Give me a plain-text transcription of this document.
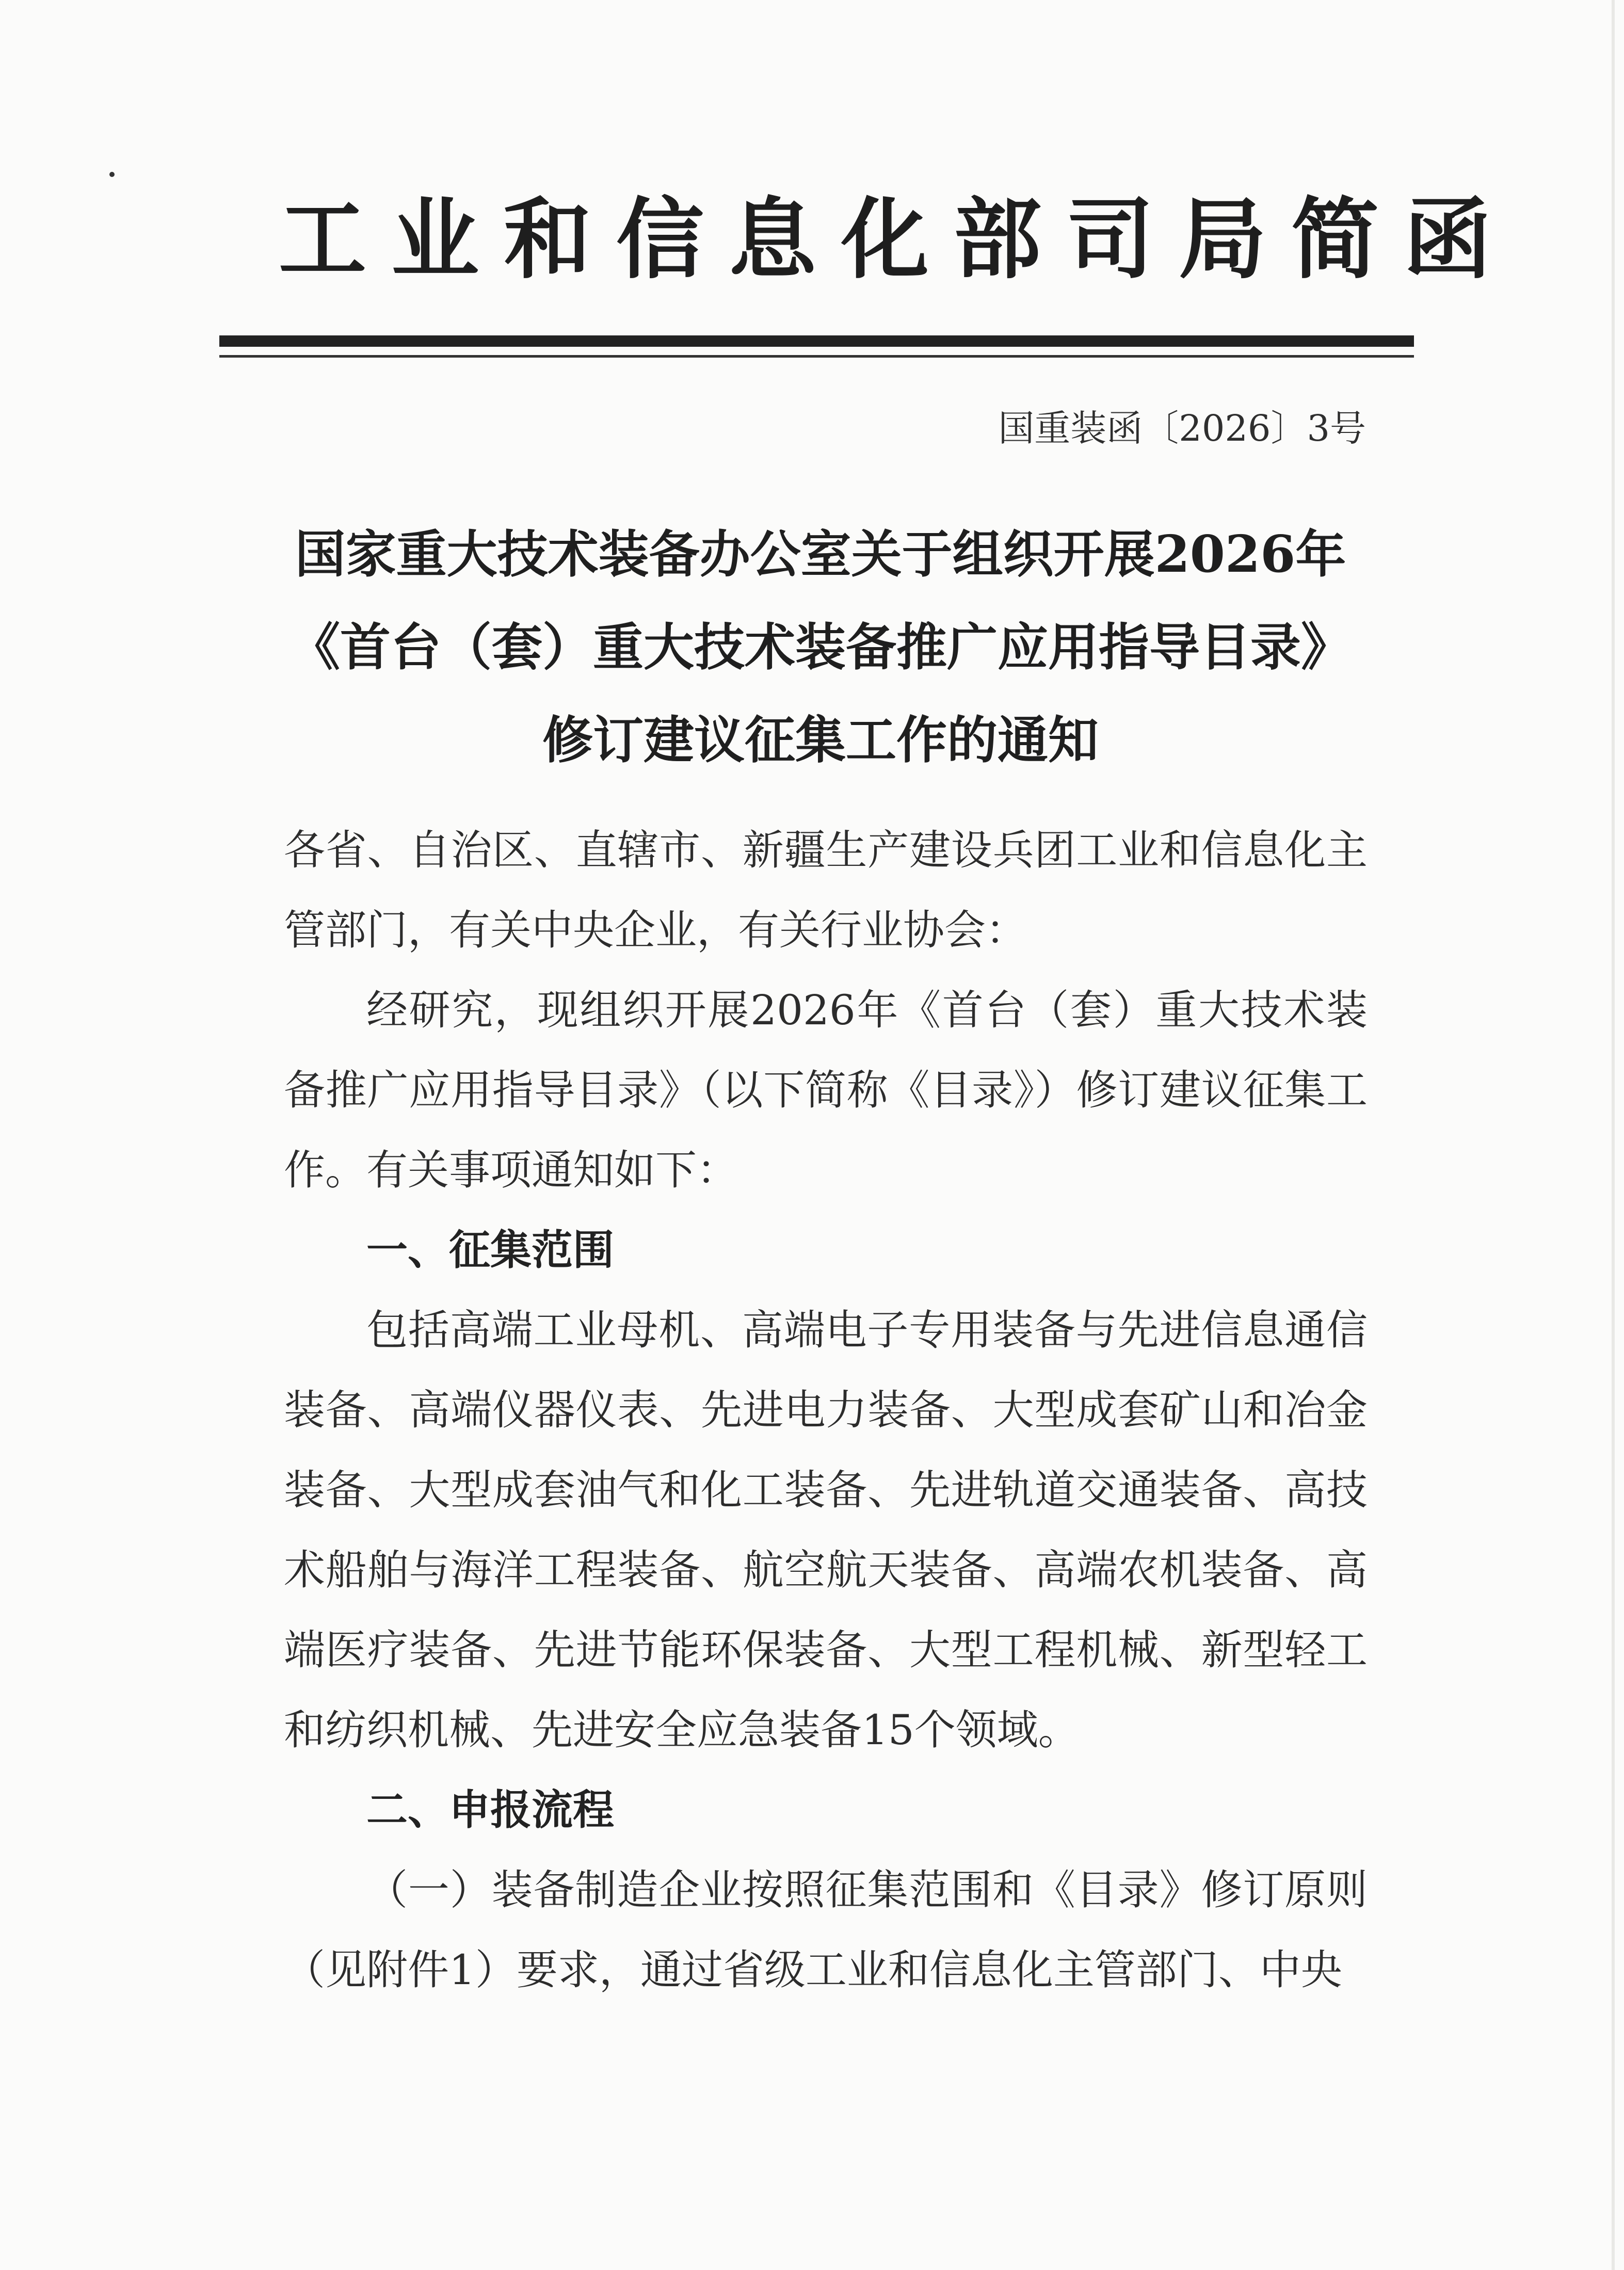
工业和信息化部司局简函
国重装函〔2026〕3号
国家重大技术装备办公室关于组织开展2026年
《首台（套）重大技术装备推广应用指导目录》
修订建议征集工作的通知

各省、自治区、直辖市、新疆生产建设兵团工业和信息化主管部门，有关中央企业，有关行业协会：

经研究，现组织开展2026年《首台（套）重大技术装备推广应用指导目录》（以下简称《目录》）修订建议征集工作。有关事项通知如下：

一、征集范围

包括高端工业母机、高端电子专用装备与先进信息通信装备、高端仪器仪表、先进电力装备、大型成套矿山和冶金装备、大型成套油气和化工装备、先进轨道交通装备、高技术船舶与海洋工程装备、航空航天装备、高端农机装备、高端医疗装备、先进节能环保装备、大型工程机械、新型轻工和纺织机械、先进安全应急装备15个领域。

二、申报流程

（一）装备制造企业按照征集范围和《目录》修订原则（见附件1）要求，通过省级工业和信息化主管部门、中央
